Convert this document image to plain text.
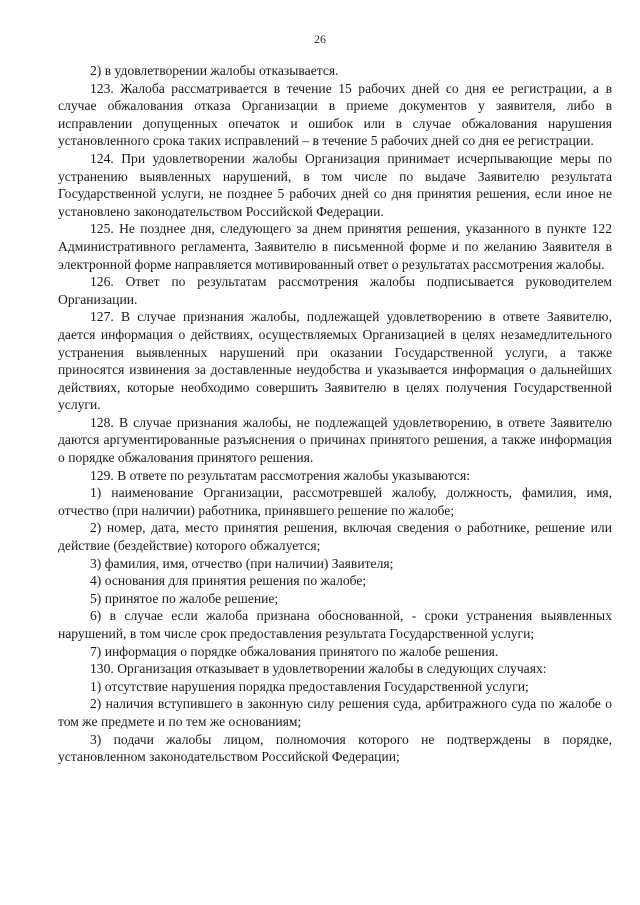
26

2) в удовлетворении жалобы отказывается.

123. Жалоба рассматривается в течение 15 рабочих дней со дня ее регистрации, а в случае обжалования отказа Организации в приеме документов у заявителя, либо в исправлении допущенных опечаток и ошибок или в случае обжалования нарушения установленного срока таких исправлений – в течение 5 рабочих дней со дня ее регистрации.

124. При удовлетворении жалобы Организация принимает исчерпывающие меры по устранению выявленных нарушений, в том числе по выдаче Заявителю результата Государственной услуги, не позднее 5 рабочих дней со дня принятия решения, если иное не установлено законодательством Российской Федерации.

125. Не позднее дня, следующего за днем принятия решения, указанного в пункте 122 Административного регламента, Заявителю в письменной форме и по желанию Заявителя в электронной форме направляется мотивированный ответ о результатах рассмотрения жалобы.

126. Ответ по результатам рассмотрения жалобы подписывается руководителем Организации.

127. В случае признания жалобы, подлежащей удовлетворению в ответе Заявителю, дается информация о действиях, осуществляемых Организацией в целях незамедлительного устранения выявленных нарушений при оказании Государственной услуги, а также приносятся извинения за доставленные неудобства и указывается информация о дальнейших действиях, которые необходимо совершить Заявителю в целях получения Государственной услуги.

128. В случае признания жалобы, не подлежащей удовлетворению, в ответе Заявителю даются аргументированные разъяснения о причинах принятого решения, а также информация о порядке обжалования принятого решения.

129. В ответе по результатам рассмотрения жалобы указываются:

1) наименование Организации, рассмотревшей жалобу, должность, фамилия, имя, отчество (при наличии) работника, принявшего решение по жалобе;

2) номер, дата, место принятия решения, включая сведения о работнике, решение или действие (бездействие) которого обжалуется;

3) фамилия, имя, отчество (при наличии) Заявителя;

4) основания для принятия решения по жалобе;

5) принятое по жалобе решение;

6) в случае если жалоба признана обоснованной, - сроки устранения выявленных нарушений, в том числе срок предоставления результата Государственной услуги;

7) информация о порядке обжалования принятого по жалобе решения.

130. Организация отказывает в удовлетворении жалобы в следующих случаях:

1) отсутствие нарушения порядка предоставления Государственной услуги;

2) наличия вступившего в законную силу решения суда, арбитражного суда по жалобе о том же предмете и по тем же основаниям;

3) подачи жалобы лицом, полномочия которого не подтверждены в порядке, установленном законодательством Российской Федерации;
